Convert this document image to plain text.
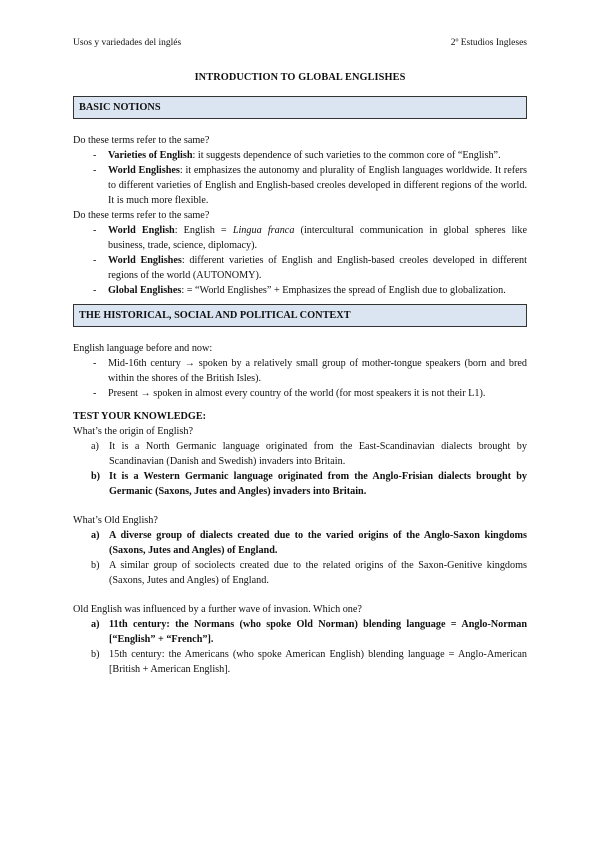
Usos y variedades del inglés	2º Estudios Ingleses
INTRODUCTION TO GLOBAL ENGLISHES
BASIC NOTIONS

Do these terms refer to the same?

- Varieties of English: it suggests dependence of such varieties to the common core of “English”.
- World Englishes: it emphasizes the autonomy and plurality of English languages worldwide. It refers to different varieties of English and English-based creoles developed in different regions of the world. It is much more flexible.

Do these terms refer to the same?

- World English: English = Lingua franca (intercultural communication in global spheres like business, trade, science, diplomacy).
- World Englishes: different varieties of English and English-based creoles developed in different regions of the world (AUTONOMY).
- Global Englishes: = “World Englishes” + Emphasizes the spread of English due to globalization.
THE HISTORICAL, SOCIAL AND POLITICAL CONTEXT

English language before and now:

- Mid-16th century → spoken by a relatively small group of mother-tongue speakers (born and bred within the shores of the British Isles).
- Present → spoken in almost every country of the world (for most speakers it is not their L1).

TEST YOUR KNOWLEDGE:

What’s the origin of English?

a) It is a North Germanic language originated from the East-Scandinavian dialects brought by Scandinavian (Danish and Swedish) invaders into Britain.
b) It is a Western Germanic language originated from the Anglo-Frisian dialects brought by Germanic (Saxons, Jutes and Angles) invaders into Britain.

What’s Old English?

a) A diverse group of dialects created due to the varied origins of the Anglo-Saxon kingdoms (Saxons, Jutes and Angles) of England.
b) A similar group of sociolects created due to the related origins of the Saxon-Genitive kingdoms (Saxons, Jutes and Angles) of England.

Old English was influenced by a further wave of invasion. Which one?

a) 11th century: the Normans (who spoke Old Norman) blending language = Anglo-Norman [“English” + “French”].
b) 15th century: the Americans (who spoke American English) blending language = Anglo-American [British + American English].
